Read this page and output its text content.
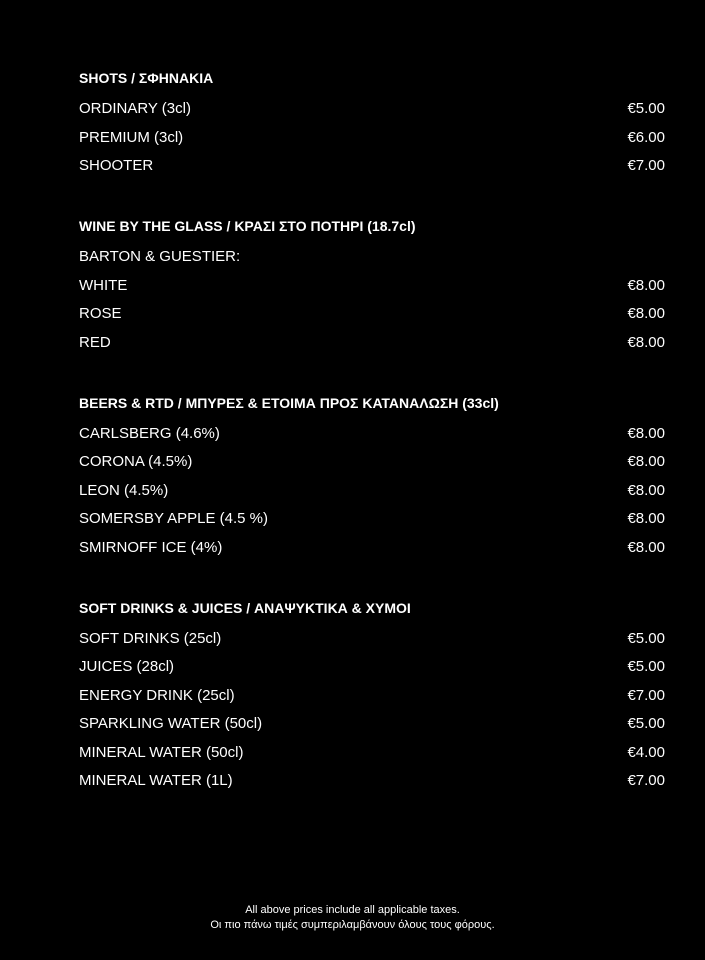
SHOTS / ΣΦΗΝΑΚΙΑ
ORDINARY (3cl)	€5.00
PREMIUM (3cl)	€6.00
SHOOTER	€7.00
WINE BY THE GLASS / ΚΡΑΣΙ ΣΤΟ ΠΟΤΗΡΙ (18.7cl)
BARTON & GUESTIER:
WHITE	€8.00
ROSE	€8.00
RED	€8.00
BEERS & RTD / ΜΠΥΡΕΣ & ΕΤΟΙΜΑ ΠΡΟΣ ΚΑΤΑΝΑΛΩΣΗ (33cl)
CARLSBERG (4.6%)	€8.00
CORONA (4.5%)	€8.00
LEON (4.5%)	€8.00
SOMERSBY APPLE (4.5 %)	€8.00
SMIRNOFF ICE (4%)	€8.00
SOFT DRINKS & JUICES / ΑΝΑΨΥΚΤΙΚΑ & ΧΥΜΟΙ
SOFT DRINKS (25cl)	€5.00
JUICES (28cl)	€5.00
ENERGY DRINK (25cl)	€7.00
SPARKLING WATER (50cl)	€5.00
MINERAL WATER (50cl)	€4.00
MINERAL WATER (1L)	€7.00
All above prices include all applicable taxes.
Οι πιο πάνω τιμές συμπεριλαμβάνουν όλους τους φόρους.
